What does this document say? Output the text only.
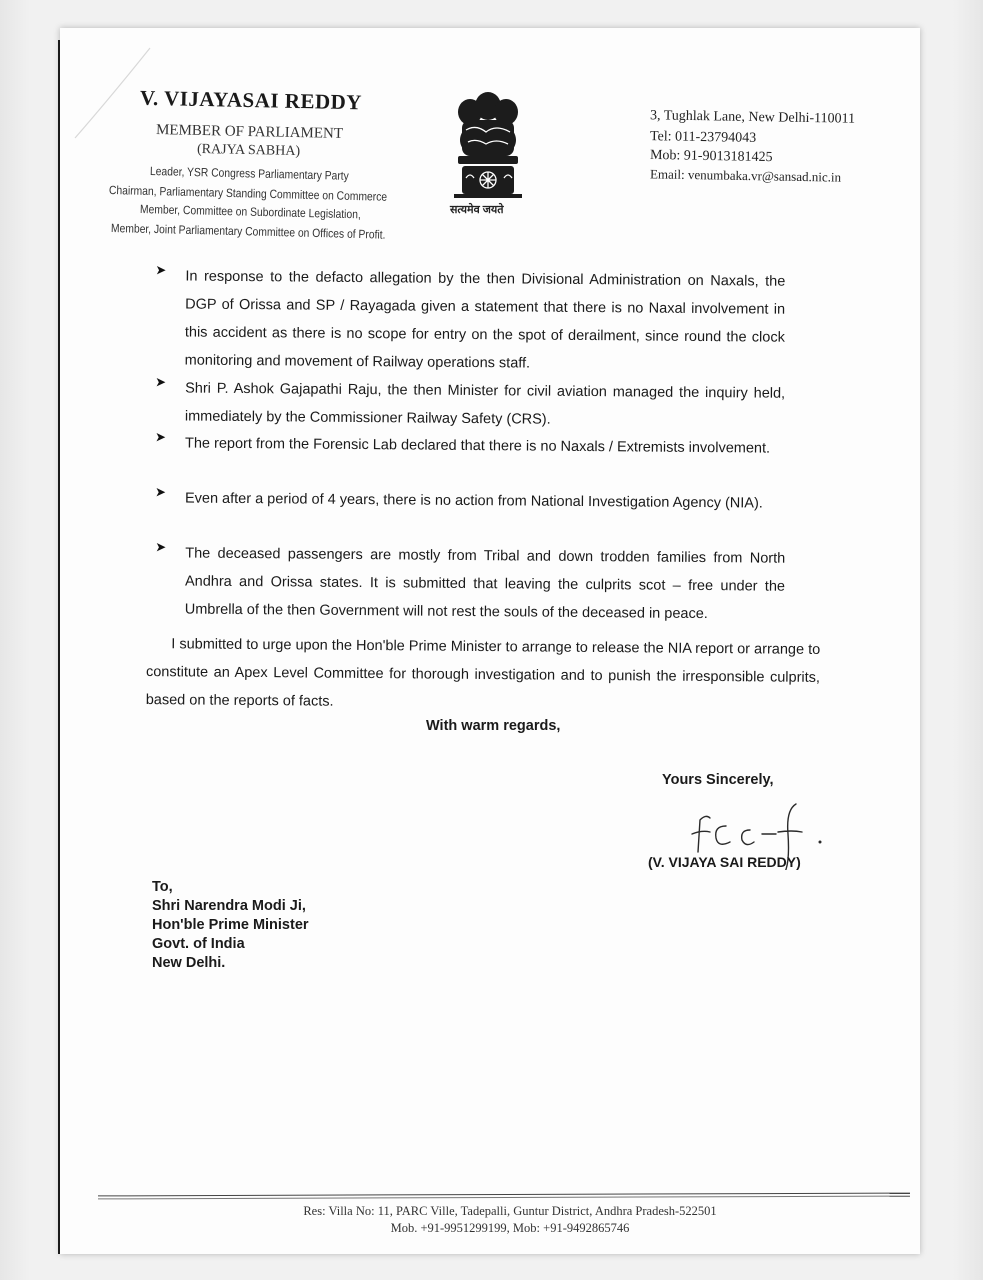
V. VIJAYASAI REDDY
MEMBER OF PARLIAMENT
(RAJYA SABHA)
Leader, YSR Congress Parliamentary Party
Chairman, Parliamentary Standing Committee on Commerce
Member, Committee on Subordinate Legislation,
Member, Joint Parliamentary Committee on Offices of Profit.
सत्यमेव जयते
3, Tughlak Lane, New Delhi-110011
Tel: 011-23794043
Mob: 91-9013181425
Email: venumbaka.vr@sansad.nic.in
➤ In response to the defacto allegation by the then Divisional Administration on Naxals, the DGP of Orissa and SP / Rayagada given a statement that there is no Naxal involvement in this accident as there is no scope for entry on the spot of derailment, since round the clock monitoring and movement of Railway operations staff.
➤ Shri P. Ashok Gajapathi Raju, the then Minister for civil aviation managed the inquiry held, immediately by the Commissioner Railway Safety (CRS).
➤ The report from the Forensic Lab declared that there is no Naxals / Extremists involvement.
➤ Even after a period of 4 years, there is no action from National Investigation Agency (NIA).
➤ The deceased passengers are mostly from Tribal and down trodden families from North Andhra and Orissa states. It is submitted that leaving the culprits scot – free under the Umbrella of the then Government will not rest the souls of the deceased in peace.
I submitted to urge upon the Hon'ble Prime Minister to arrange to release the NIA report or arrange to constitute an Apex Level Committee for thorough investigation and to punish the irresponsible culprits, based on the reports of facts.
With warm regards,
Yours Sincerely,
(V. VIJAYA SAI REDDY)
To,
Shri Narendra Modi Ji,
Hon'ble Prime Minister
Govt. of India
New Delhi.
Res: Villa No: 11, PARC Ville, Tadepalli, Guntur District, Andhra Pradesh-522501
Mob. +91-9951299199, Mob: +91-9492865746
